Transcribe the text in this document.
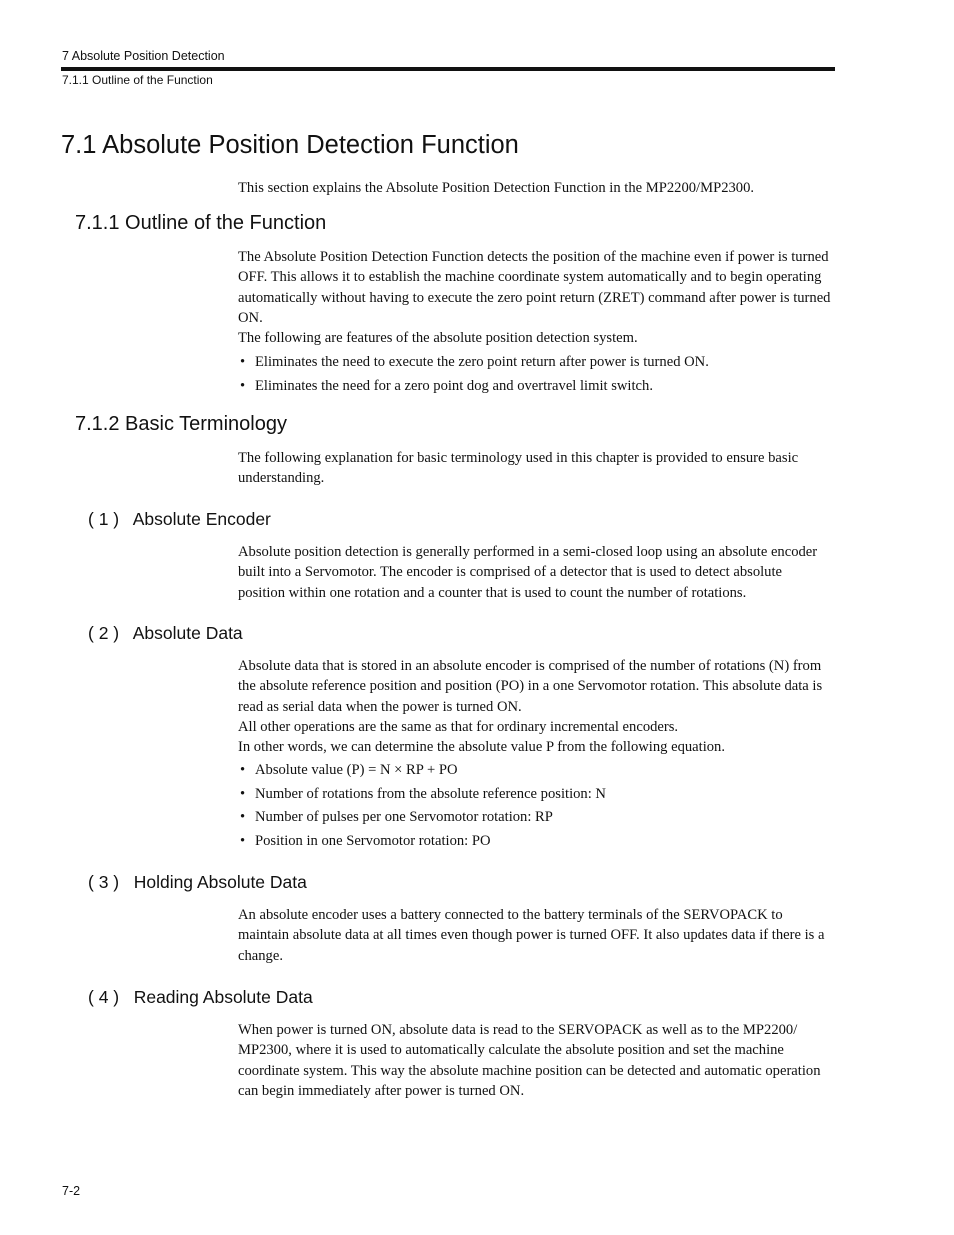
7 Absolute Position Detection
7.1.1 Outline of the Function
7.1 Absolute Position Detection Function

This section explains the Absolute Position Detection Function in the MP2200/MP2300.

7.1.1 Outline of the Function

The Absolute Position Detection Function detects the position of the machine even if power is turned

OFF. This allows it to establish the machine coordinate system automatically and to begin operating

automatically without having to execute the zero point return (ZRET) command after power is turned

ON.

The following are features of the absolute position detection system.

• Eliminates the need to execute the zero point return after power is turned ON.
• Eliminates the need for a zero point dog and overtravel limit switch.
7.1.2 Basic Terminology

The following explanation for basic terminology used in this chapter is provided to ensure basic

understanding.

( 1 )   Absolute Encoder

Absolute position detection is generally performed in a semi-closed loop using an absolute encoder

built into a Servomotor. The encoder is comprised of a detector that is used to detect absolute

position within one rotation and a counter that is used to count the number of rotations.

( 2 )   Absolute Data

Absolute data that is stored in an absolute encoder is comprised of the number of rotations (N) from

the absolute reference position and position (PO) in a one Servomotor rotation. This absolute data is

read as serial data when the power is turned ON.

All other operations are the same as that for ordinary incremental encoders.

In other words, we can determine the absolute value P from the following equation.

• Absolute value (P) = N × RP + PO
• Number of rotations from the absolute reference position: N
• Number of pulses per one Servomotor rotation: RP
• Position in one Servomotor rotation: PO
( 3 )   Holding Absolute Data

An absolute encoder uses a battery connected to the battery terminals of the SERVOPACK to

maintain absolute data at all times even though power is turned OFF. It also updates data if there is a

change.

( 4 )   Reading Absolute Data

When power is turned ON, absolute data is read to the SERVOPACK as well as to the MP2200/

MP2300, where it is used to automatically calculate the absolute position and set the machine

coordinate system. This way the absolute machine position can be detected and automatic operation

can begin immediately after power is turned ON.

7-2
